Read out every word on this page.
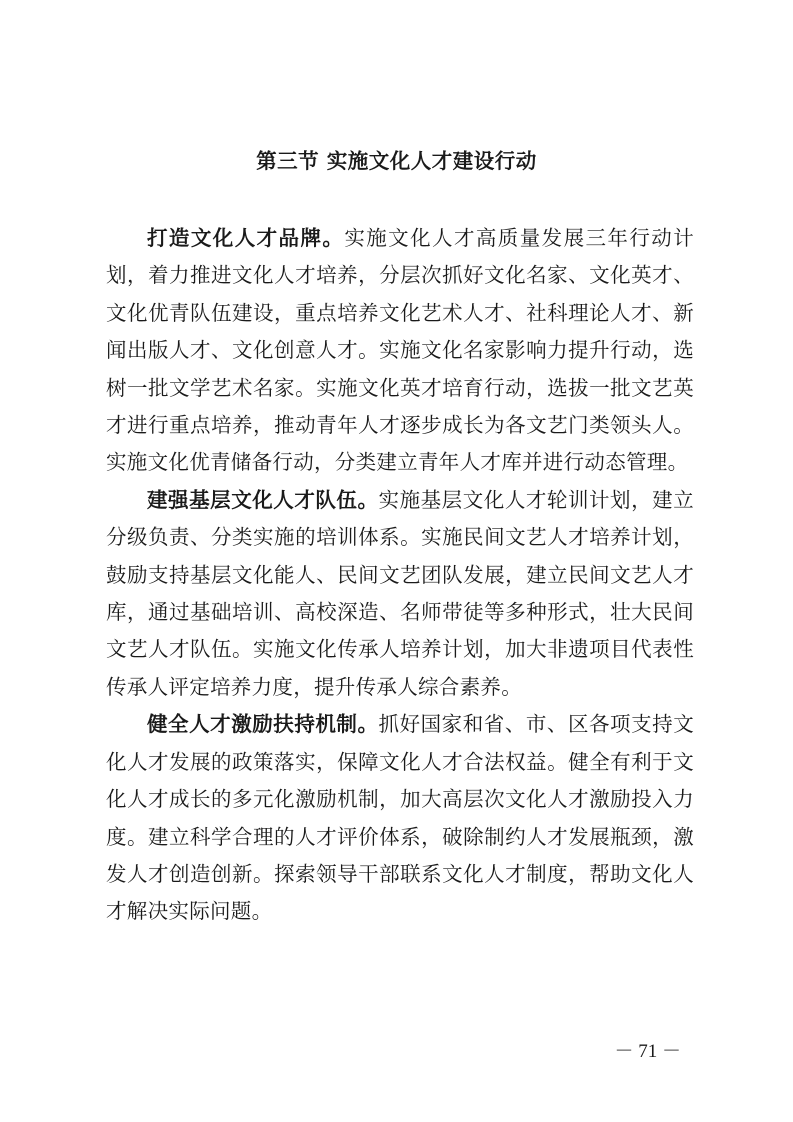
第三节 实施文化人才建设行动

打造文化人才品牌。实施文化人才高质量发展三年行动计划，着力推进文化人才培养，分层次抓好文化名家、文化英才、文化优青队伍建设，重点培养文化艺术人才、社科理论人才、新闻出版人才、文化创意人才。实施文化名家影响力提升行动，选树一批文学艺术名家。实施文化英才培育行动，选拔一批文艺英才进行重点培养，推动青年人才逐步成长为各文艺门类领头人。实施文化优青储备行动，分类建立青年人才库并进行动态管理。

建强基层文化人才队伍。实施基层文化人才轮训计划，建立分级负责、分类实施的培训体系。实施民间文艺人才培养计划，鼓励支持基层文化能人、民间文艺团队发展，建立民间文艺人才库，通过基础培训、高校深造、名师带徒等多种形式，壮大民间文艺人才队伍。实施文化传承人培养计划，加大非遗项目代表性传承人评定培养力度，提升传承人综合素养。

健全人才激励扶持机制。抓好国家和省、市、区各项支持文化人才发展的政策落实，保障文化人才合法权益。健全有利于文化人才成长的多元化激励机制，加大高层次文化人才激励投入力度。建立科学合理的人才评价体系，破除制约人才发展瓶颈，激发人才创造创新。探索领导干部联系文化人才制度，帮助文化人才解决实际问题。

－ 71 －
